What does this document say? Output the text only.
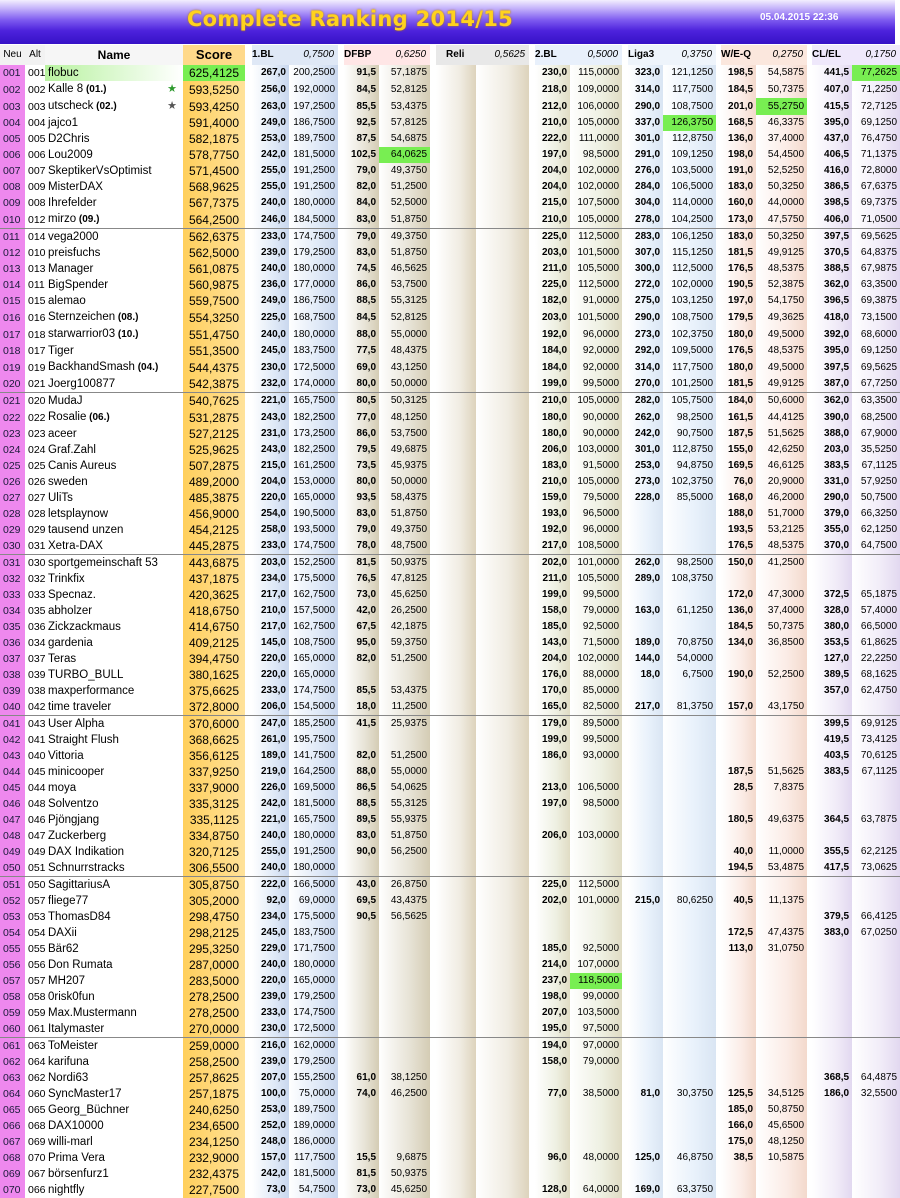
Complete Ranking 2014/15	05.04.2015 22:36
Neu	Alt	Name	Score		1.BL 0,7500			DFBP 0,6250			Reli 0,5625			2.BL 0,5000			Liga3 0,3750			W/E-Q 0,2750			CL/EL 0,1750	

001	001	flobuc	625,4125		267,0	200,2500		91,5	57,1875					230,0	115,0000		323,0	121,1250		198,5	54,5875		441,5	77,2625
002	002	Kalle 8 (01.) ★	593,5250		256,0	192,0000		84,5	52,8125					218,0	109,0000		314,0	117,7500		184,5	50,7375		407,0	71,2250
003	003	utscheck (02.) ★	593,4250		263,0	197,2500		85,5	53,4375					212,0	106,0000		290,0	108,7500		201,0	55,2750		415,5	72,7125
004	004	jajco1	591,4000		249,0	186,7500		92,5	57,8125					210,0	105,0000		337,0	126,3750		168,5	46,3375		395,0	69,1250
005	005	D2Chris	582,1875		253,0	189,7500		87,5	54,6875					222,0	111,0000		301,0	112,8750		136,0	37,4000		437,0	76,4750
006	006	Lou2009	578,7750		242,0	181,5000		102,5	64,0625					197,0	98,5000		291,0	109,1250		198,0	54,4500		406,5	71,1375
007	007	SkeptikerVsOptimist	571,4500		255,0	191,2500		79,0	49,3750					204,0	102,0000		276,0	103,5000		191,0	52,5250		416,0	72,8000
008	009	MisterDAX	568,9625		255,0	191,2500		82,0	51,2500					204,0	102,0000		284,0	106,5000		183,0	50,3250		386,5	67,6375
009	008	Ihrefelder	567,7375		240,0	180,0000		84,0	52,5000					215,0	107,5000		304,0	114,0000		160,0	44,0000		398,5	69,7375
010	012	mirzo (09.)	564,2500		246,0	184,5000		83,0	51,8750					210,0	105,0000		278,0	104,2500		173,0	47,5750		406,0	71,0500
011	014	vega2000	562,6375		233,0	174,7500		79,0	49,3750					225,0	112,5000		283,0	106,1250		183,0	50,3250		397,5	69,5625
012	010	preisfuchs	562,5000		239,0	179,2500		83,0	51,8750					203,0	101,5000		307,0	115,1250		181,5	49,9125		370,5	64,8375
013	013	Manager	561,0875		240,0	180,0000		74,5	46,5625					211,0	105,5000		300,0	112,5000		176,5	48,5375		388,5	67,9875
014	011	BigSpender	560,9875		236,0	177,0000		86,0	53,7500					225,0	112,5000		272,0	102,0000		190,5	52,3875		362,0	63,3500
015	015	alemao	559,7500		249,0	186,7500		88,5	55,3125					182,0	91,0000		275,0	103,1250		197,0	54,1750		396,5	69,3875
016	016	Sternzeichen (08.)	554,3250		225,0	168,7500		84,5	52,8125					203,0	101,5000		290,0	108,7500		179,5	49,3625		418,0	73,1500
017	018	starwarrior03 (10.)	551,4750		240,0	180,0000		88,0	55,0000					192,0	96,0000		273,0	102,3750		180,0	49,5000		392,0	68,6000
018	017	Tiger	551,3500		245,0	183,7500		77,5	48,4375					184,0	92,0000		292,0	109,5000		176,5	48,5375		395,0	69,1250
019	019	BackhandSmash (04.)	544,4375		230,0	172,5000		69,0	43,1250					184,0	92,0000		314,0	117,7500		180,0	49,5000		397,5	69,5625
020	021	Joerg100877	542,3875		232,0	174,0000		80,0	50,0000					199,0	99,5000		270,0	101,2500		181,5	49,9125		387,0	67,7250
021	020	MudaJ	540,7625		221,0	165,7500		80,5	50,3125					210,0	105,0000		282,0	105,7500		184,0	50,6000		362,0	63,3500
022	022	Rosalie (06.)	531,2875		243,0	182,2500		77,0	48,1250					180,0	90,0000		262,0	98,2500		161,5	44,4125		390,0	68,2500
023	023	aceer	527,2125		231,0	173,2500		86,0	53,7500					180,0	90,0000		242,0	90,7500		187,5	51,5625		388,0	67,9000
024	024	Graf.Zahl	525,9625		243,0	182,2500		79,5	49,6875					206,0	103,0000		301,0	112,8750		155,0	42,6250		203,0	35,5250
025	025	Canis Aureus	507,2875		215,0	161,2500		73,5	45,9375					183,0	91,5000		253,0	94,8750		169,5	46,6125		383,5	67,1125
026	026	sweden	489,2000		204,0	153,0000		80,0	50,0000					210,0	105,0000		273,0	102,3750		76,0	20,9000		331,0	57,9250
027	027	UliTs	485,3875		220,0	165,0000		93,5	58,4375					159,0	79,5000		228,0	85,5000		168,0	46,2000		290,0	50,7500
028	028	letsplaynow	456,9000		254,0	190,5000		83,0	51,8750					193,0	96,5000					188,0	51,7000		379,0	66,3250
029	029	tausend unzen	454,2125		258,0	193,5000		79,0	49,3750					192,0	96,0000					193,5	53,2125		355,0	62,1250
030	031	Xetra-DAX	445,2875		233,0	174,7500		78,0	48,7500					217,0	108,5000					176,5	48,5375		370,0	64,7500
031	030	sportgemeinschaft 53	443,6875		203,0	152,2500		81,5	50,9375					202,0	101,0000		262,0	98,2500		150,0	41,2500			
032	032	Trinkfix	437,1875		234,0	175,5000		76,5	47,8125					211,0	105,5000		289,0	108,3750						
033	033	Specnaz.	420,3625		217,0	162,7500		73,0	45,6250					199,0	99,5000					172,0	47,3000		372,5	65,1875
034	035	abholzer	418,6750		210,0	157,5000		42,0	26,2500					158,0	79,0000		163,0	61,1250		136,0	37,4000		328,0	57,4000
035	036	Zickzackmaus	414,6750		217,0	162,7500		67,5	42,1875					185,0	92,5000					184,5	50,7375		380,0	66,5000
036	034	gardenia	409,2125		145,0	108,7500		95,0	59,3750					143,0	71,5000		189,0	70,8750		134,0	36,8500		353,5	61,8625
037	037	Teras	394,4750		220,0	165,0000		82,0	51,2500					204,0	102,0000		144,0	54,0000					127,0	22,2250
038	039	TURBO_BULL	380,1625		220,0	165,0000								176,0	88,0000		18,0	6,7500		190,0	52,2500		389,5	68,1625
039	038	maxperformance	375,6625		233,0	174,7500		85,5	53,4375					170,0	85,0000								357,0	62,4750
040	042	time traveler	372,8000		206,0	154,5000		18,0	11,2500					165,0	82,5000		217,0	81,3750		157,0	43,1750			
041	043	User Alpha	370,6000		247,0	185,2500		41,5	25,9375					179,0	89,5000								399,5	69,9125
042	041	Straight Flush	368,6625		261,0	195,7500								199,0	99,5000								419,5	73,4125
043	040	Vittoria	356,6125		189,0	141,7500		82,0	51,2500					186,0	93,0000								403,5	70,6125
044	045	minicooper	337,9250		219,0	164,2500		88,0	55,0000											187,5	51,5625		383,5	67,1125
045	044	moya	337,9000		226,0	169,5000		86,5	54,0625					213,0	106,5000					28,5	7,8375			
046	048	Solventzo	335,3125		242,0	181,5000		88,5	55,3125					197,0	98,5000									
047	046	Pjöngjang	335,1125		221,0	165,7500		89,5	55,9375											180,5	49,6375		364,5	63,7875
048	047	Zuckerberg	334,8750		240,0	180,0000		83,0	51,8750					206,0	103,0000									
049	049	DAX Indikation	320,7125		255,0	191,2500		90,0	56,2500											40,0	11,0000		355,5	62,2125
050	051	Schnurrstracks	306,5500		240,0	180,0000														194,5	53,4875		417,5	73,0625
051	050	SagittariusA	305,8750		222,0	166,5000		43,0	26,8750					225,0	112,5000									
052	057	fliege77	305,2000		92,0	69,0000		69,5	43,4375					202,0	101,0000		215,0	80,6250		40,5	11,1375			
053	053	ThomasD84	298,4750		234,0	175,5000		90,5	56,5625														379,5	66,4125
054	054	DAXii	298,2125		245,0	183,7500														172,5	47,4375		383,0	67,0250
055	055	Bär62	295,3250		229,0	171,7500								185,0	92,5000					113,0	31,0750			
056	056	Don Rumata	287,0000		240,0	180,0000								214,0	107,0000									
057	057	MH207	283,5000		220,0	165,0000								237,0	118,5000									
058	058	0risk0fun	278,2500		239,0	179,2500								198,0	99,0000									
059	059	Max.Mustermann	278,2500		233,0	174,7500								207,0	103,5000									
060	061	Italymaster	270,0000		230,0	172,5000								195,0	97,5000									
061	063	ToMeister	259,0000		216,0	162,0000								194,0	97,0000									
062	064	karifuna	258,2500		239,0	179,2500								158,0	79,0000									
063	062	Nordi63	257,8625		207,0	155,2500		61,0	38,1250														368,5	64,4875
064	060	SyncMaster17	257,1875		100,0	75,0000		74,0	46,2500					77,0	38,5000		81,0	30,3750		125,5	34,5125		186,0	32,5500
065	065	Georg_Büchner	240,6250		253,0	189,7500														185,0	50,8750			
066	068	DAX10000	234,6500		252,0	189,0000														166,0	45,6500			
067	069	willi-marl	234,1250		248,0	186,0000														175,0	48,1250			
068	070	Prima Vera	232,9000		157,0	117,7500		15,5	9,6875					96,0	48,0000		125,0	46,8750		38,5	10,5875			
069	067	börsenfurz1	232,4375		242,0	181,5000		81,5	50,9375															
070	066	nightfly	227,7500		73,0	54,7500		73,0	45,6250					128,0	64,0000		169,0	63,3750						
